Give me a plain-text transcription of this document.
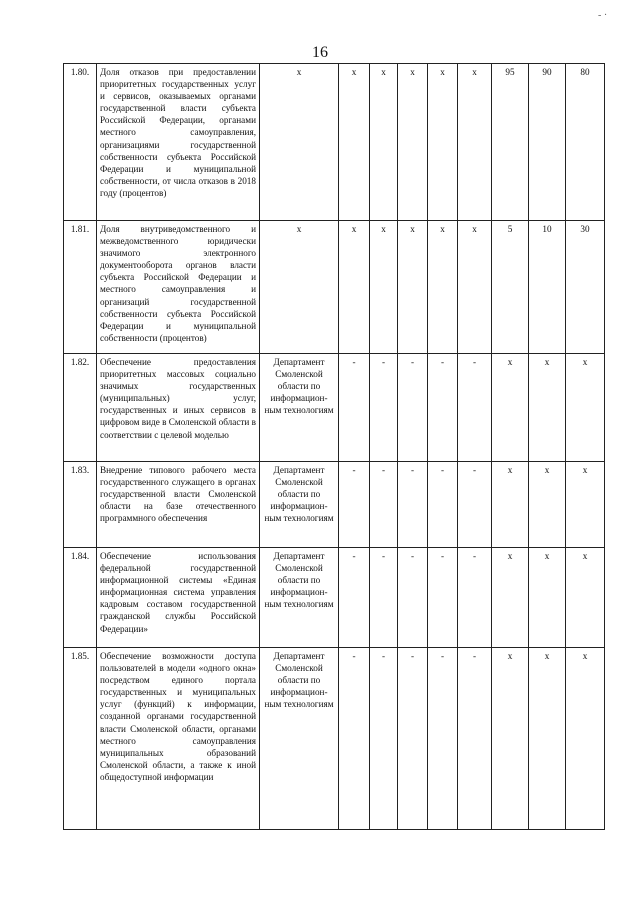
- ·
16
1.80.	Доля отказов при предоставлении приоритетных государственных услуг и сервисов, оказываемых органами государственной власти субъекта Российской Федерации, органами местного самоуправления, организациями государственной собственности субъекта Российской Федерации и муниципальной собственности, от числа отказов в 2018 году (процентов)	х	х	х	х	х	х	95	90	80
1.81.	Доля внутриведомственного и межведомственного юридически значимого электронного документооборота органов власти субъекта Российской Федерации и местного самоуправления и организаций государственной собственности субъекта Российской Федерации и муниципальной собственности (процентов)	х	х	х	х	х	х	5	10	30
1.82.	Обеспечение предоставления приоритетных массовых социально значимых государственных (муниципальных) услуг, государственных и иных сервисов в цифровом виде в Смоленской области в соответствии с целевой моделью	Департамент Смоленской области по информацион-ным технологиям	-	-	-	-	-	х	х	х
1.83.	Внедрение типового рабочего места государственного служащего в органах государственной власти Смоленской области на базе отечественного программного обеспечения	Департамент Смоленской области по информацион-ным технологиям	-	-	-	-	-	х	х	х
1.84.	Обеспечение использования федеральной государственной информационной системы «Единая информационная система управления кадровым составом государственной гражданской службы Российской Федерации»	Департамент Смоленской области по информацион-ным технологиям	-	-	-	-	-	х	х	х
1.85.	Обеспечение возможности доступа пользователей в модели «одного окна» посредством единого портала государственных и муниципальных услуг (функций) к информации, созданной органами государственной власти Смоленской области, органами местного самоуправления муниципальных образований Смоленской области, а также к иной общедоступной информации	Департамент Смоленской области по информацион-ным технологиям	-	-	-	-	-	х	х	х
